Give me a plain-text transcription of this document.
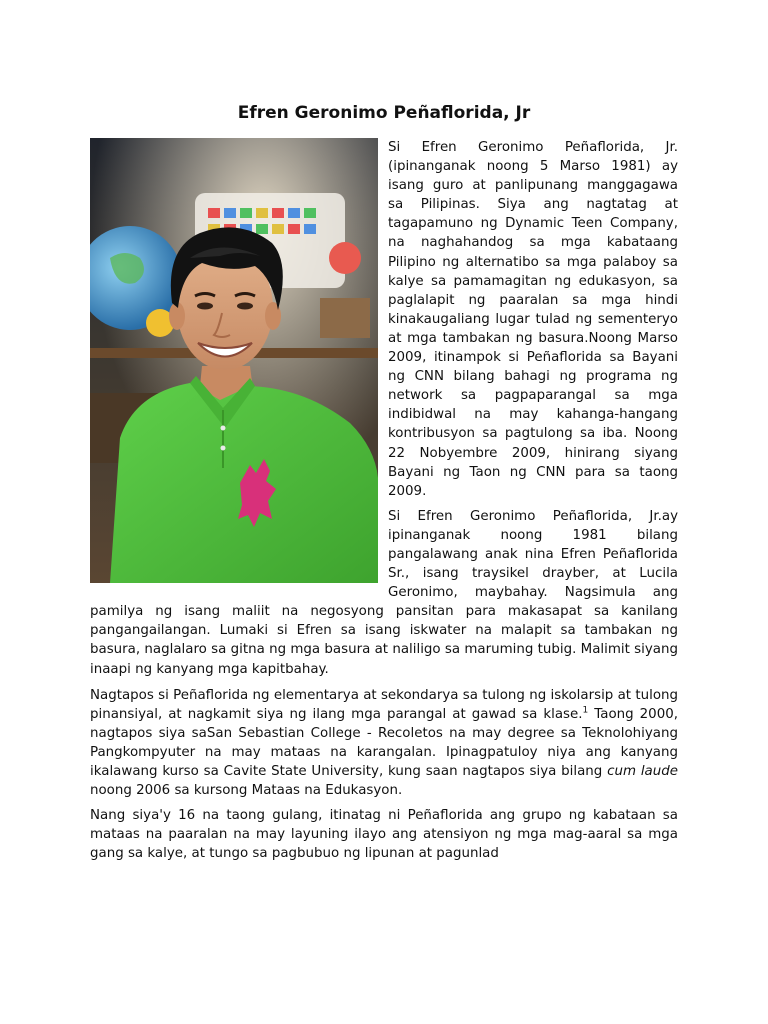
Efren Geronimo Peñaflorida, Jr

Si Efren Geronimo Peñaflorida, Jr. (ipinanganak noong 5 Marso 1981) ay isang guro at panlipunang manggagawa sa Pilipinas. Siya ang nagtatag at tagapamuno ng Dynamic Teen Company, na naghahandog sa mga kabataang Pilipino ng alternatibo sa mga palaboy sa kalye sa pamamagitan ng edukasyon, sa paglalapit ng paaralan sa mga hindi kinakaugaliang lugar tulad ng sementeryo at mga tambakan ng basura.Noong Marso 2009, itinampok si Peñaflorida sa Bayani ng CNN bilang bahagi ng programa ng network sa pagpaparangal sa mga indibidwal na may kahanga-hangang kontribusyon sa pagtulong sa iba. Noong 22 Nobyembre 2009, hinirang siyang Bayani ng Taon ng CNN para sa taong 2009.

Si Efren Geronimo Peñaflorida, Jr.ay ipinanganak noong 1981 bilang pangalawang anak nina Efren Peñaflorida Sr., isang traysikel drayber, at Lucila Geronimo, maybahay. Nagsimula ang pamilya ng isang maliit na negosyong pansitan para makasapat sa kanilang pangangailangan. Lumaki si Efren sa isang iskwater na malapit sa tambakan ng basura, naglalaro sa gitna ng mga basura at naliligo sa maruming tubig. Malimit siyang inaapi ng kanyang mga kapitbahay.

Nagtapos si Peñaflorida ng elementarya at sekondarya sa tulong ng iskolarsip at tulong pinansiyal, at nagkamit siya ng ilang mga parangal at gawad sa klase.$^1$ Taong 2000, nagtapos siya saSan Sebastian College - Recoletos na may degree sa Teknolohiyang Pangkompyuter na may mataas na karangalan. Ipinagpatuloy niya ang kanyang ikalawang kurso sa Cavite State University, kung saan nagtapos siya bilang cum laude noong 2006 sa kursong Mataas na Edukasyon.

Nang siya'y 16 na taong gulang, itinatag ni Peñaflorida ang grupo ng kabataan sa mataas na paaralan na may layuning ilayo ang atensiyon ng mga mag-aaral sa mga gang sa kalye, at tungo sa pagbubuo ng lipunan at pagunlad
